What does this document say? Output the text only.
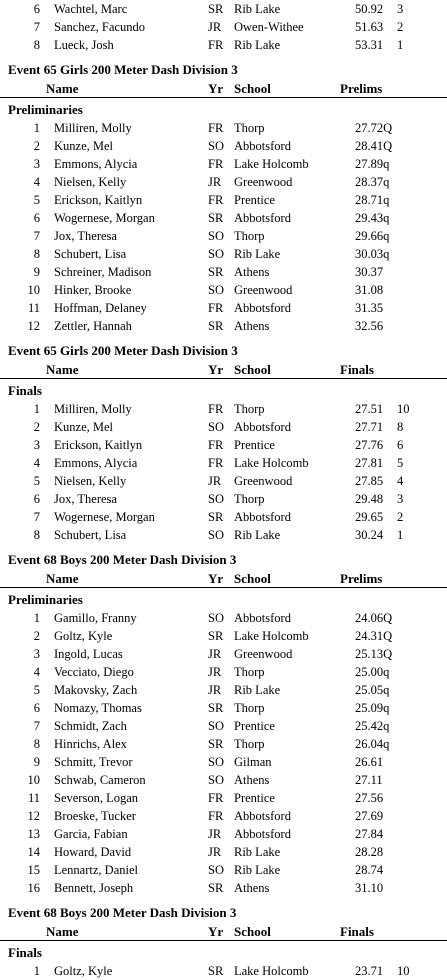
6 Wachtel, Marc	SR Rib Lake	50.92 3
7 Sanchez, Facundo	JR Owen-Withee	51.63 2
8 Lueck, Josh	FR Rib Lake	53.31 1
Event 65 Girls 200 Meter Dash Division 3
Name	Yr School	Prelims
Preliminaries
1 Milliren, Molly	FR Thorp	27.72Q
2 Kunze, Mel	SO Abbotsford	28.41Q
3 Emmons, Alycia	FR Lake Holcomb	27.89q
4 Nielsen, Kelly	JR Greenwood	28.37q
5 Erickson, Kaitlyn	FR Prentice	28.71q
6 Wogernese, Morgan	SR Abbotsford	29.43q
7 Jox, Theresa	SO Thorp	29.66q
8 Schubert, Lisa	SO Rib Lake	30.03q
9 Schreiner, Madison	SR Athens	30.37
10 Hinker, Brooke	SO Greenwood	31.08
11 Hoffman, Delaney	FR Abbotsford	31.35
12 Zettler, Hannah	SR Athens	32.56
Event 65 Girls 200 Meter Dash Division 3
Name	Yr School	Finals
Finals
1 Milliren, Molly	FR Thorp	27.51 10
2 Kunze, Mel	SO Abbotsford	27.71 8
3 Erickson, Kaitlyn	FR Prentice	27.76 6
4 Emmons, Alycia	FR Lake Holcomb	27.81 5
5 Nielsen, Kelly	JR Greenwood	27.85 4
6 Jox, Theresa	SO Thorp	29.48 3
7 Wogernese, Morgan	SR Abbotsford	29.65 2
8 Schubert, Lisa	SO Rib Lake	30.24 1
Event 68 Boys 200 Meter Dash Division 3
Name	Yr School	Prelims
Preliminaries
1 Gamillo, Franny	SO Abbotsford	24.06Q
2 Goltz, Kyle	SR Lake Holcomb	24.31Q
3 Ingold, Lucas	JR Greenwood	25.13Q
4 Vecciato, Diego	JR Thorp	25.00q
5 Makovsky, Zach	JR Rib Lake	25.05q
6 Nomazy, Thomas	SR Thorp	25.09q
7 Schmidt, Zach	SO Prentice	25.42q
8 Hinrichs, Alex	SR Thorp	26.04q
9 Schmitt, Trevor	SO Gilman	26.61
10 Schwab, Cameron	SO Athens	27.11
11 Severson, Logan	FR Prentice	27.56
12 Broeske, Tucker	FR Abbotsford	27.69
13 Garcia, Fabian	JR Abbotsford	27.84
14 Howard, David	JR Rib Lake	28.28
15 Lennartz, Daniel	SO Rib Lake	28.74
16 Bennett, Joseph	SR Athens	31.10
Event 68 Boys 200 Meter Dash Division 3
Name	Yr School	Finals
Finals
1 Goltz, Kyle	SR Lake Holcomb	23.71 10
